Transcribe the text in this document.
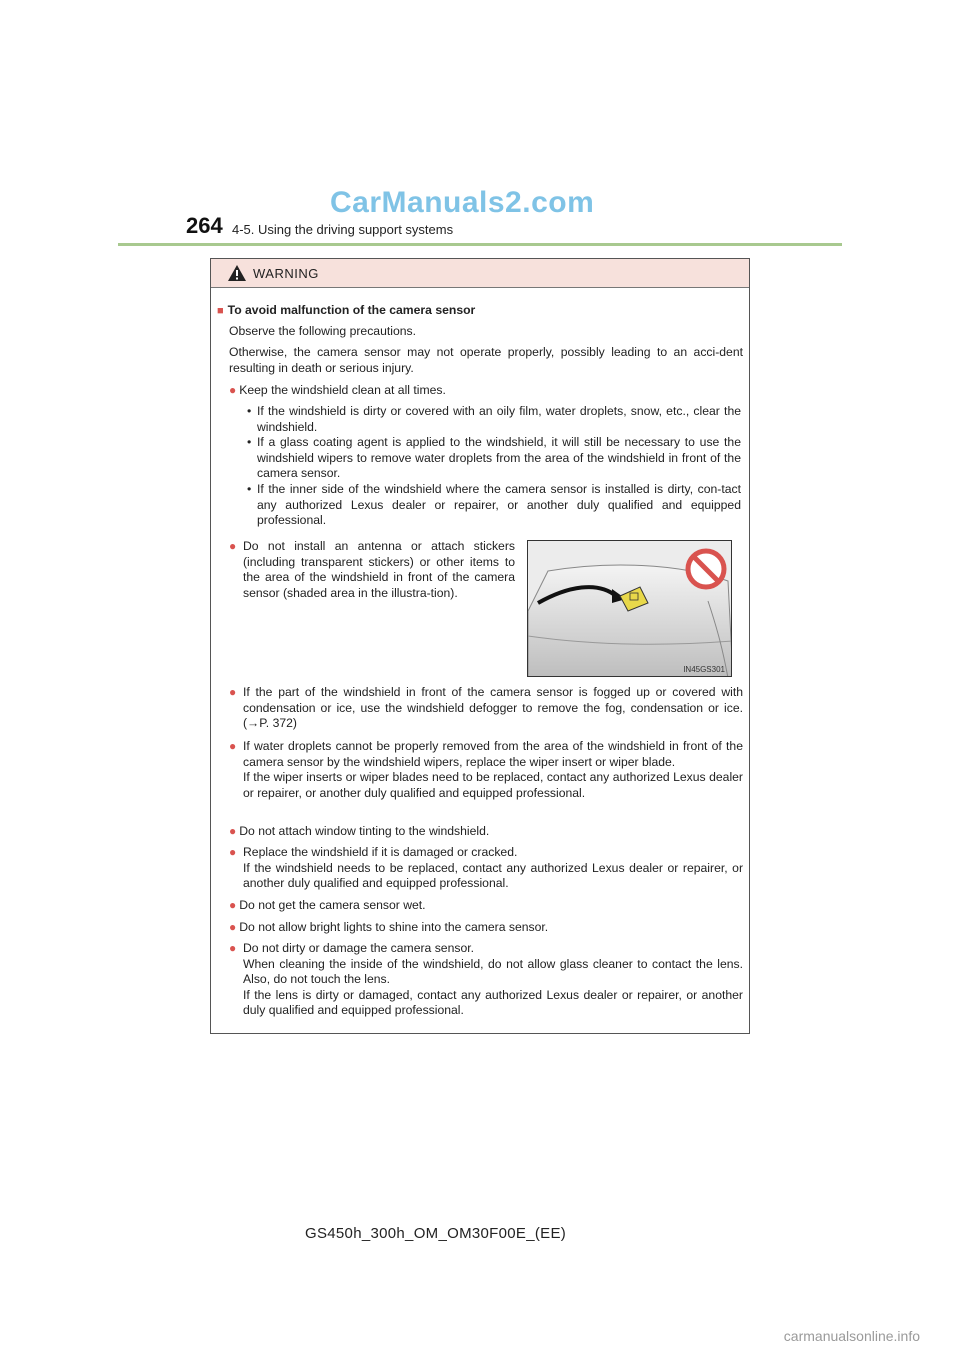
CarManuals2.com
264 4-5. Using the driving support systems
WARNING
■ To avoid malfunction of the camera sensor

Observe the following precautions.

Otherwise, the camera sensor may not operate properly, possibly leading to an acci-dent resulting in death or serious injury.

● Keep the windshield clean at all times.
• If the windshield is dirty or covered with an oily film, water droplets, snow, etc., clear the windshield.

• If a glass coating agent is applied to the windshield, it will still be necessary to use the windshield wipers to remove water droplets from the area of the windshield in front of the camera sensor.

• If the inner side of the windshield where the camera sensor is installed is dirty, con-tact any authorized Lexus dealer or repairer, or another duly qualified and equipped professional.

● Do not install an antenna or attach stickers (including transparent stickers) or other items to the area of the windshield in front of the camera sensor (shaded area in the illustra-tion).

● If the part of the windshield in front of the camera sensor is fogged up or covered with condensation or ice, use the windshield defogger to remove the fog, condensation or ice. (→P. 372)

● If water droplets cannot be properly removed from the area of the windshield in front of the camera sensor by the windshield wipers, replace the wiper insert or wiper blade.

If the wiper inserts or wiper blades need to be replaced, contact any authorized Lexus dealer or repairer, or another duly qualified and equipped professional.

● Do not attach window tinting to the windshield.
● Replace the windshield if it is damaged or cracked.

If the windshield needs to be replaced, contact any authorized Lexus dealer or repairer, or another duly qualified and equipped professional.

● Do not get the camera sensor wet.
● Do not allow bright lights to shine into the camera sensor.
● Do not dirty or damage the camera sensor.

When cleaning the inside of the windshield, do not allow glass cleaner to contact the lens. Also, do not touch the lens.

If the lens is dirty or damaged, contact any authorized Lexus dealer or repairer, or another duly qualified and equipped professional.

IN45GS301
GS450h_300h_OM_OM30F00E_(EE)
carmanualsonline.info
